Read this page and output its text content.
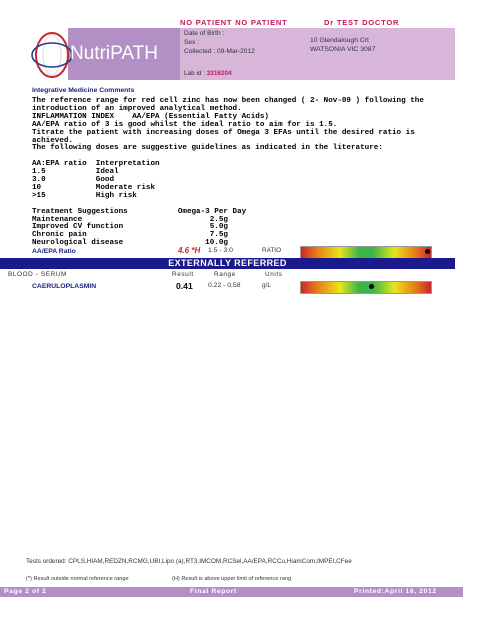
NO PATIENT NO PATIENT	Dr TEST DOCTOR
NutriPATH
Date of Birth :
Sex :
Collected : 09-Mar-2012
10 Glendalough Crt
WATSONIA VIC 3087
Lab id : 3316204
Integrative Medicine Comments
The reference range for red cell zinc has now been changed ( 2- Nov-09 ) following the
introduction of an improved analytical method.
INFLAMMATION INDEX    AA/EPA (Essential Fatty Acids)
AA/EPA ratio of 3 is good whilst the ideal ratio to aim for is 1.5.
Titrate the patient with increasing doses of Omega 3 EFAs until the desired ratio is
achieved.
The following doses are suggestive guidelines as indicated in the literature:
AA:EPA ratio  Interpretation
1.5           Ideal
3.0           Good
10            Moderate risk
>15           High risk
Treatment Suggestions           Omega-3 Per Day
Maintenance                            2.5g
Improved CV function                   5.0g
Chronic pain                           7.5g
Neurological disease                  10.0g
AA/EPA Ratio	4.6 *H 1.5 - 3.0	RATIO
EXTERNALLY REFERRED
BLOOD - SERUM	Result	Range	Units
CAERULOPLASMIN	0.41 0.22 - 0.58	g/L
Tests ordered: CPLS,HIAM,REDZN,RCMG,UBI,Lipo (a),RT3,IMCOM,RCSel,AA/EPA,RCCu,HiamCom,IMPEI,CFee
(*) Result outside normal reference range	(H) Result is above upper limit of reference rang
Page 2 of 2	Final Report	Printed:April 16, 2012
